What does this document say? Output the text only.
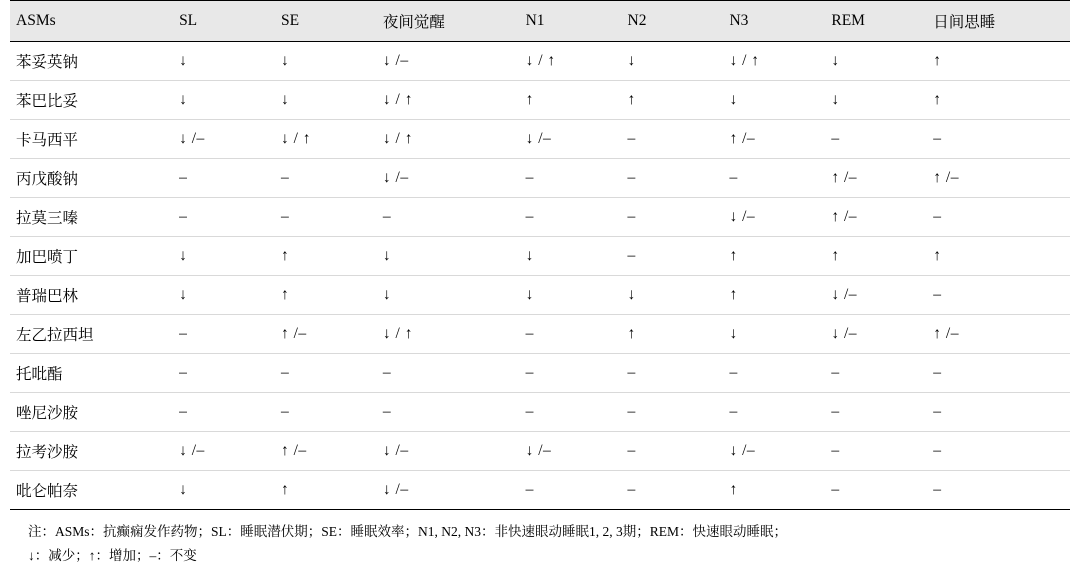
ASMs	SL	SE	夜间觉醒	N1	N2	N3	REM	日间思睡
苯妥英钠	↓	↓	↓ /–	↓ / ↑	↓	↓ / ↑	↓	↑
苯巴比妥	↓	↓	↓ / ↑	↑	↑	↓	↓	↑
卡马西平	↓ /–	↓ / ↑	↓ / ↑	↓ /–	–	↑ /–	–	–
丙戊酸钠	–	–	↓ /–	–	–	–	↑ /–	↑ /–
拉莫三嗪	–	–	–	–	–	↓ /–	↑ /–	–
加巴喷丁	↓	↑	↓	↓	–	↑	↑	↑
普瑞巴林	↓	↑	↓	↓	↓	↑	↓ /–	–
左乙拉西坦	–	↑ /–	↓ / ↑	–	↑	↓	↓ /–	↑ /–
托吡酯	–	–	–	–	–	–	–	–
唑尼沙胺	–	–	–	–	–	–	–	–
拉考沙胺	↓ /–	↑ /–	↓ /–	↓ /–	–	↓ /–	–	–
吡仑帕奈	↓	↑	↓ /–	–	–	↑	–	–
注：ASMs：抗癫痫发作药物；SL：睡眠潜伏期；SE：睡眠效率；N1, N2, N3：非快速眼动睡眠1, 2, 3期；REM：快速眼动睡眠；
↓：减少；↑：增加；–：不变
